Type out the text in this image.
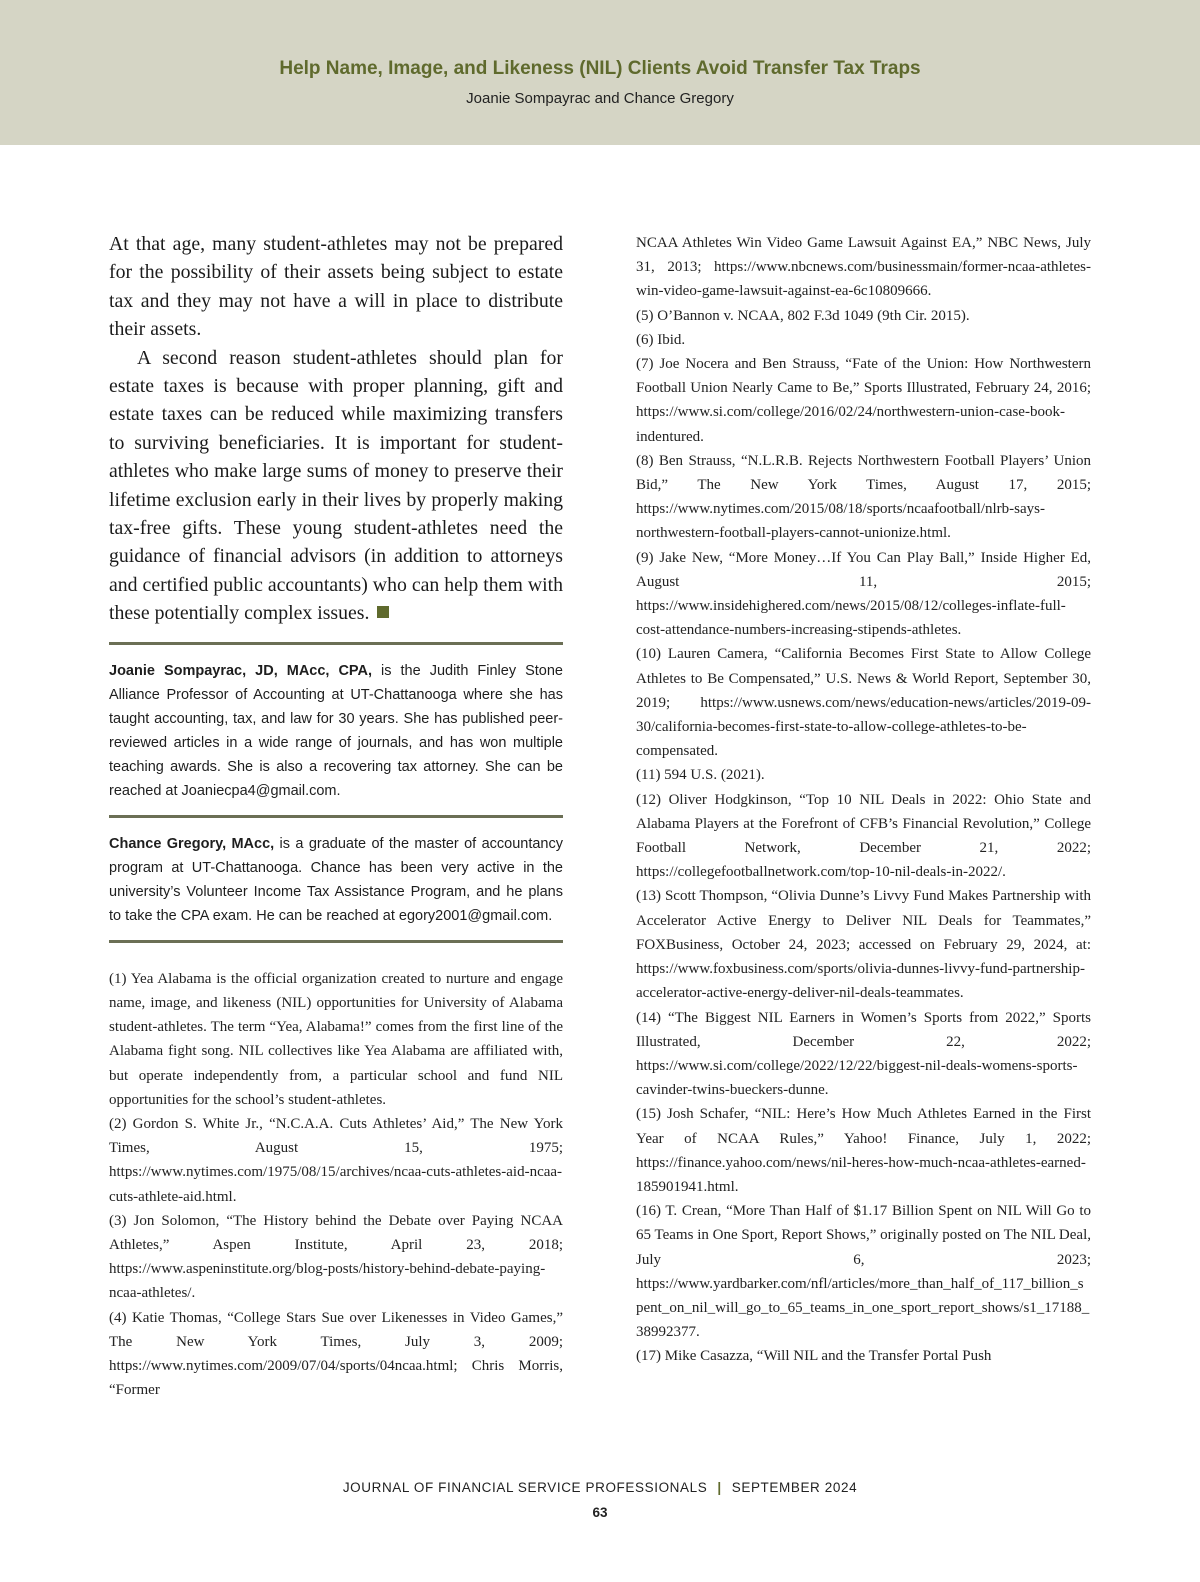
Help Name, Image, and Likeness (NIL) Clients Avoid Transfer Tax Traps
Joanie Sompayrac and Chance Gregory

At that age, many student-athletes may not be prepared for the possibility of their assets being subject to estate tax and they may not have a will in place to distribute their assets.

A second reason student-athletes should plan for estate taxes is because with proper planning, gift and estate taxes can be reduced while maximizing transfers to surviving beneficiaries. It is important for student-athletes who make large sums of money to preserve their lifetime exclusion early in their lives by properly making tax-free gifts. These young student-athletes need the guidance of financial advisors (in addition to attorneys and certified public accountants) who can help them with these potentially complex issues.

Joanie Sompayrac, JD, MAcc, CPA, is the Judith Finley Stone Alliance Professor of Accounting at UT-Chattanooga where she has taught accounting, tax, and law for 30 years. She has published peer-reviewed articles in a wide range of journals, and has won multiple teaching awards. She is also a recovering tax attorney. She can be reached at Joaniecpa4@gmail.com.

Chance Gregory, MAcc, is a graduate of the master of accountancy program at UT-Chattanooga. Chance has been very active in the university’s Volunteer Income Tax Assistance Program, and he plans to take the CPA exam. He can be reached at egory2001@gmail.com.

(1) Yea Alabama is the official organization created to nurture and engage name, image, and likeness (NIL) opportunities for University of Alabama student-athletes. The term “Yea, Alabama!” comes from the first line of the Alabama fight song. NIL collectives like Yea Alabama are affiliated with, but operate independently from, a particular school and fund NIL opportunities for the school’s student-athletes.

(2) Gordon S. White Jr., “N.C.A.A. Cuts Athletes’ Aid,” The New York Times, August 15, 1975; https://www.nytimes.com/1975/08/15/archives/ncaa-cuts-athletes-aid-ncaa-cuts-athlete-aid.html.

(3) Jon Solomon, “The History behind the Debate over Paying NCAA Athletes,” Aspen Institute, April 23, 2018; https://www.aspeninstitute.org/blog-posts/history-behind-debate-paying-ncaa-athletes/.

(4) Katie Thomas, “College Stars Sue over Likenesses in Video Games,” The New York Times, July 3, 2009; https://www.nytimes.com/2009/07/04/sports/04ncaa.html; Chris Morris, “Former

NCAA Athletes Win Video Game Lawsuit Against EA,” NBC News, July 31, 2013; https://www.nbcnews.com/businessmain/former-ncaa-athletes-win-video-game-lawsuit-against-ea-6c10809666.

(5) O’Bannon v. NCAA, 802 F.3d 1049 (9th Cir. 2015).

(6) Ibid.

(7) Joe Nocera and Ben Strauss, “Fate of the Union: How Northwestern Football Union Nearly Came to Be,” Sports Illustrated, February 24, 2016; https://www.si.com/college/2016/02/24/northwestern-union-case-book-indentured.

(8) Ben Strauss, “N.L.R.B. Rejects Northwestern Football Players’ Union Bid,” The New York Times, August 17, 2015; https://www.nytimes.com/2015/08/18/sports/ncaafootball/nlrb-says-northwestern-football-players-cannot-unionize.html.

(9) Jake New, “More Money…If You Can Play Ball,” Inside Higher Ed, August 11, 2015; https://www.insidehighered.com/news/2015/08/12/colleges-inflate-full-cost-attendance-numbers-increasing-stipends-athletes.

(10) Lauren Camera, “California Becomes First State to Allow College Athletes to Be Compensated,” U.S. News & World Report, September 30, 2019; https://www.usnews.com/news/education-news/articles/2019-09-30/california-becomes-first-state-to-allow-college-athletes-to-be-compensated.

(11) 594 U.S. (2021).

(12) Oliver Hodgkinson, “Top 10 NIL Deals in 2022: Ohio State and Alabama Players at the Forefront of CFB’s Financial Revolution,” College Football Network, December 21, 2022; https://collegefootballnetwork.com/top-10-nil-deals-in-2022/.

(13) Scott Thompson, “Olivia Dunne’s Livvy Fund Makes Partnership with Accelerator Active Energy to Deliver NIL Deals for Teammates,” FOXBusiness, October 24, 2023; accessed on February 29, 2024, at: https://www.foxbusiness.com/sports/olivia-dunnes-livvy-fund-partnership-accelerator-active-energy-deliver-nil-deals-teammates.

(14) “The Biggest NIL Earners in Women’s Sports from 2022,” Sports Illustrated, December 22, 2022; https://www.si.com/college/2022/12/22/biggest-nil-deals-womens-sports-cavinder-twins-bueckers-dunne.

(15) Josh Schafer, “NIL: Here’s How Much Athletes Earned in the First Year of NCAA Rules,” Yahoo! Finance, July 1, 2022; https://finance.yahoo.com/news/nil-heres-how-much-ncaa-athletes-earned-185901941.html.

(16) T. Crean, “More Than Half of $1.17 Billion Spent on NIL Will Go to 65 Teams in One Sport, Report Shows,” originally posted on The NIL Deal, July 6, 2023; https://www.yardbarker.com/nfl/articles/more_than_half_of_117_billion_spent_on_nil_will_go_to_65_teams_in_one_sport_report_shows/s1_17188_38992377.

(17) Mike Casazza, “Will NIL and the Transfer Portal Push

JOURNAL OF FINANCIAL SERVICE PROFESSIONALS | SEPTEMBER 2024
63
